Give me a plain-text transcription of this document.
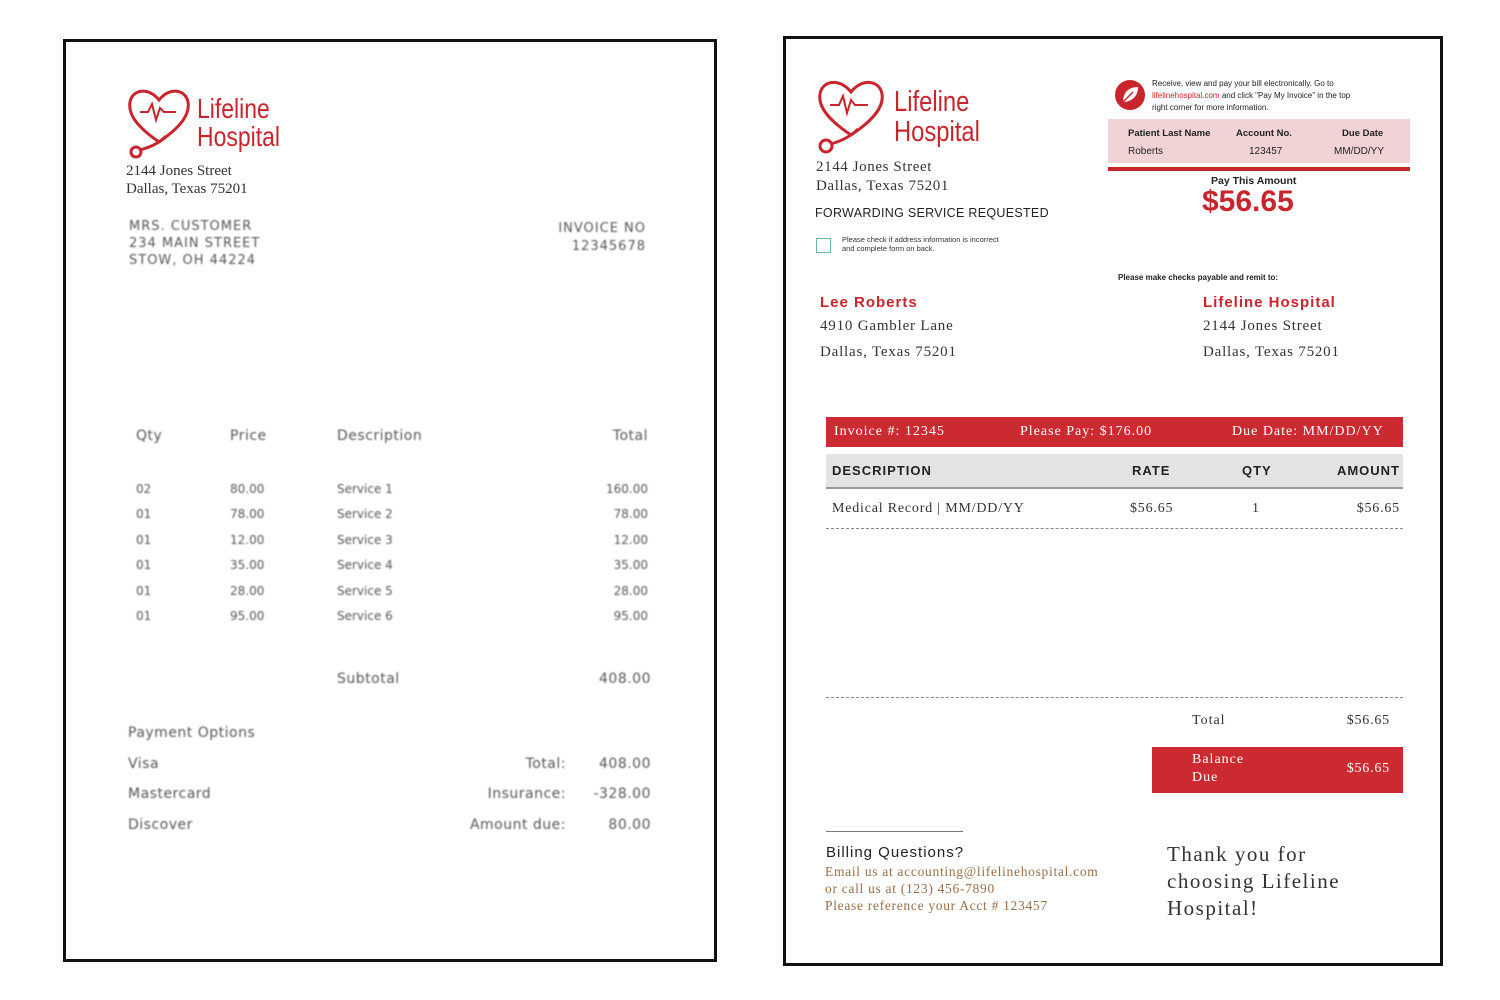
Lifeline
Hospital
2144 Jones Street
Dallas, Texas 75201
MRS. CUSTOMER
234 MAIN STREET
STOW, OH 44224
INVOICE NO
12345678
Qty	Price	Description	Total
02	80.00	Service 1	160.00
01	78.00	Service 2	78.00
01	12.00	Service 3	12.00
01	35.00	Service 4	35.00
01	28.00	Service 5	28.00
01	95.00	Service 6	95.00
Subtotal	408.00
Payment Options
Visa
Mastercard
Discover
Total: 408.00
Insurance: -328.00
Amount due:	80.00
Lifeline
Hospital
2144 Jones Street
Dallas, Texas 75201
FORWARDING SERVICE REQUESTED
Please check if address information is incorrect
and complete form on back.
Receive, view and pay your bill electronically. Go to
lifelinehospital.com and click "Pay My Invoice" in the top
right corner for more information.
Patient Last Name	Account No.	Due Date
Roberts	123457	MM/DD/YY
Pay This Amount
$56.65
Please make checks payable and remit to:
Lee Roberts
4910 Gambler Lane
Dallas, Texas 75201
Lifeline Hospital
2144 Jones Street
Dallas, Texas 75201
Invoice #: 12345	Please Pay: $176.00	Due Date: MM/DD/YY
DESCRIPTION	RATE	QTY	AMOUNT
Medical Record | MM/DD/YY	$56.65	1	$56.65
Total	$56.65
Balance
Due
$56.65
Billing Questions?
Email us at accounting@lifelinehospital.com
or call us at (123) 456-7890
Please reference your Acct # 123457
Thank you for
choosing Lifeline
Hospital!
